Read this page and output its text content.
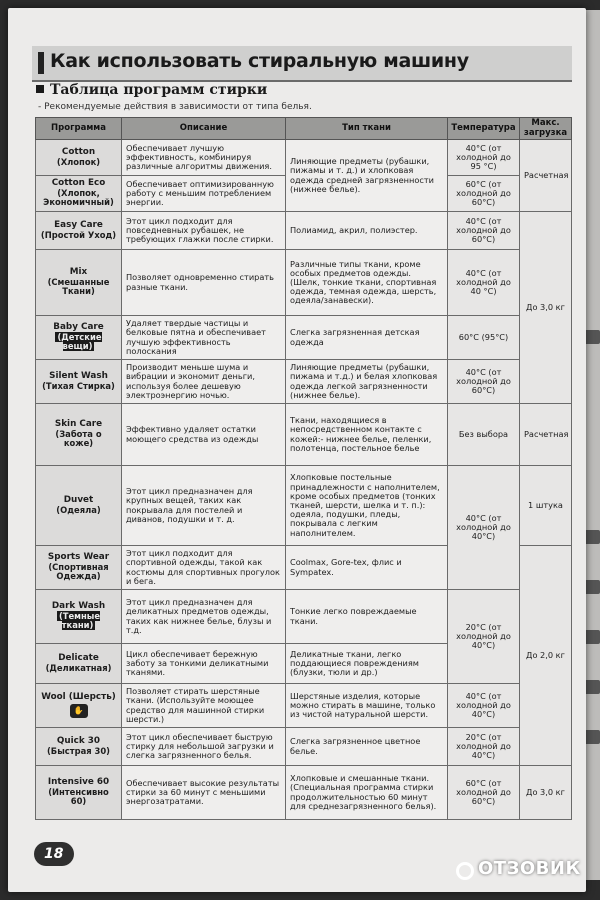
Как использовать стиральную машину
Таблица программ стирки
- Рекомендуемые действия в зависимости от типа белья.
Программа	Описание	Тип ткани	Температура	Макс. загрузка
Cotton
(Хлопок)	Обеспечивает лучшую эффективность, комбинируя различные алгоритмы движения.	Линяющие предметы (рубашки, пижамы и т. д.) и хлопковая одежда средней загрязненности (нижнее белье).	40°C (от холодной до 95 °C)	Расчетная
Cotton Eco
(Хлопок, Экономичный)	Обеспечивает оптимизированную работу с меньшим потреблением энергии.		60°C (от холодной до 60°C)	
Easy Care
(Простой Уход)	Этот цикл подходит для повседневных рубашек, не требующих глажки после стирки.	Полиамид, акрил, полиэстер.	40°C (от холодной до 60°C)	До 3,0 кг
Mix
(Смешанные Ткани)	Позволяет одновременно стирать разные ткани.	Различные типы ткани, кроме особых предметов одежды. (Шелк, тонкие ткани, спортивная одежда, темная одежда, шерсть, одеяла/занавески).	40°C (от холодной до 40 °C)	
Baby Care
(Детские вещи)	Удаляет твердые частицы и белковые пятна и обеспечивает лучшую эффективность полоскания	Слегка загрязненная детская одежда	60°C (95°C)	
Silent Wash
(Тихая Стирка)	Производит меньше шума и вибрации и экономит деньги, используя более дешевую электроэнергию ночью.	Линяющие предметы (рубашки, пижама и т.д.) и белая хлопковая одежда легкой загрязненности (нижнее белье).	40°C (от холодной до 60°C)	
Skin Care
(Забота о коже)	Эффективно удаляет остатки моющего средства из одежды	Ткани, находящиеся в непосредственном контакте с кожей:- нижнее белье, пеленки, полотенца, постельное белье	Без выбора	Расчетная
Duvet
(Одеяла)	Этот цикл предназначен для крупных вещей, таких как покрывала для постелей и диванов, подушки и т. д.	Хлопковые постельные принадлежности с наполнителем, кроме особых предметов (тонких тканей, шерсти, шелка и т. п.): одеяла, подушки, пледы, покрывала с легким наполнителем.	40°C (от холодной до 40°C)	1 штука
Sports Wear
(Спортивная Одежда)	Этот цикл подходит для спортивной одежды, такой как костюмы для спортивных прогулок и бега.	Coolmax, Gore-tex, флис и Sympatex.		До 2,0 кг
Dark Wash
(Темные ткани)	Этот цикл предназначен для деликатных предметов одежды, таких как нижнее белье, блузы и т.д.	Тонкие легко повреждаемые ткани.	20°C (от холодной до 40°C)	
Delicate
(Деликатная)	Цикл обеспечивает бережную заботу за тонкими деликатными тканями.	Деликатные ткани, легко поддающиеся повреждениям (блузки, тюли и др.)		
Wool (Шерсть)
✋	Позволяет стирать шерстяные ткани. (Используйте моющее средство для машинной стирки шерсти.)	Шерстяные изделия, которые можно стирать в машине, только из чистой натуральной шерсти.	40°C (от холодной до 40°C)	
Quick 30
(Быстрая 30)	Этот цикл обеспечивает быструю стирку для небольшой загрузки и слегка загрязненного белья.	Слегка загрязненное цветное белье.	20°C (от холодной до 40°C)	
Intensive 60
(Интенсивно 60)	Обеспечивает высокие результаты стирки за 60 минут с меньшими энергозатратами.	Хлопковые и смешанные ткани. (Специальная программа стирки продолжительностью 60 минут для среднезагрязненного белья).	60°C (от холодной до 60°C)	До 3,0 кг
18
ОТЗОВИК
